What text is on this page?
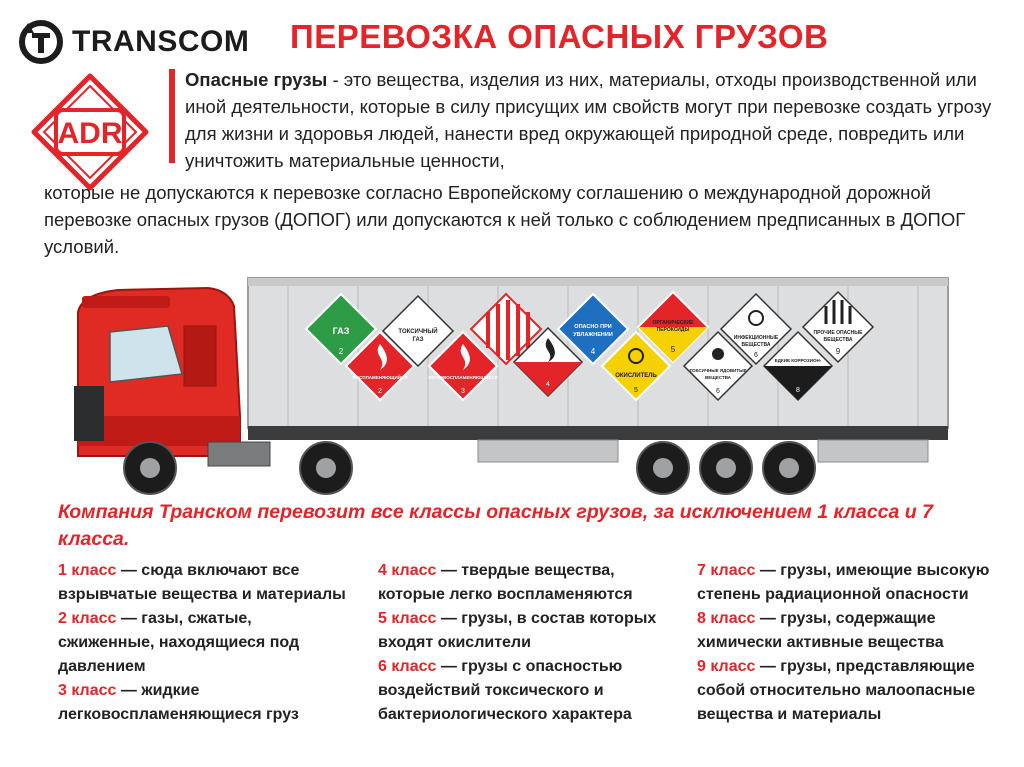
TRANSCOM ПЕРЕВОЗКА ОПАСНЫХ ГРУЗОВ
ADR
Опасные грузы - это вещества, изделия из них, материалы, отходы производственной или иной деятельности, которые в силу присущих им свойств могут при перевозке создать угрозу для жизни и здоровья людей, нанести вред окружающей природной среде, повредить или уничтожить материальные ценности,
которые не допускаются к перевозке согласно Европейскому соглашению о международной дорожной перевозке опасных грузов (ДОПОГ) или допускаются к ней только с соблюдением предписанных в ДОПОГ условий.
ГАЗ
2
ТОКСИЧНЫЙ
ГАЗ
ОПАСНО ПРИ
УВЛАЖНЕНИИ
4
ОРГАНИЧЕСКИЕ
ПЕРОКСИДЫ
5
ИНФЕКЦИОННЫЕ
ВЕЩЕСТВА
6
ПРОЧИЕ ОПАСНЫЕ
ВЕЩЕСТВА
9
ВОСПЛАМЕНЯЮЩИЙСЯ
2
ЛЕГКОВОСПЛАМЕНЯЮЩИЕСЯ
3
4
ОКИСЛИТЕЛЬ
5
ТОКСИЧНЫЕ ЯДОВИТЫЕ
ВЕЩЕСТВА
6
ЕДКИЕ КОРРОЗИОН-
8
Компания Транском перевозит все классы опасных грузов, за исключением 1 класса и 7 класса.

1 класс — сюда включают все взрывчатые вещества и материалы

2 класс — газы, сжатые, сжиженные, находящиеся под давлением

3 класс — жидкие легковоспламеняющиеся груз

4 класс — твердые вещества, которые легко воспламеняются

5 класс — грузы, в состав которых входят окислители

6 класс — грузы с опасностью воздействий токсического и бактериологического характера

7 класс — грузы, имеющие высокую степень радиационной опасности

8 класс — грузы, содержащие химически активные вещества

9 класс — грузы, представляющие собой относительно малоопасные вещества и материалы
